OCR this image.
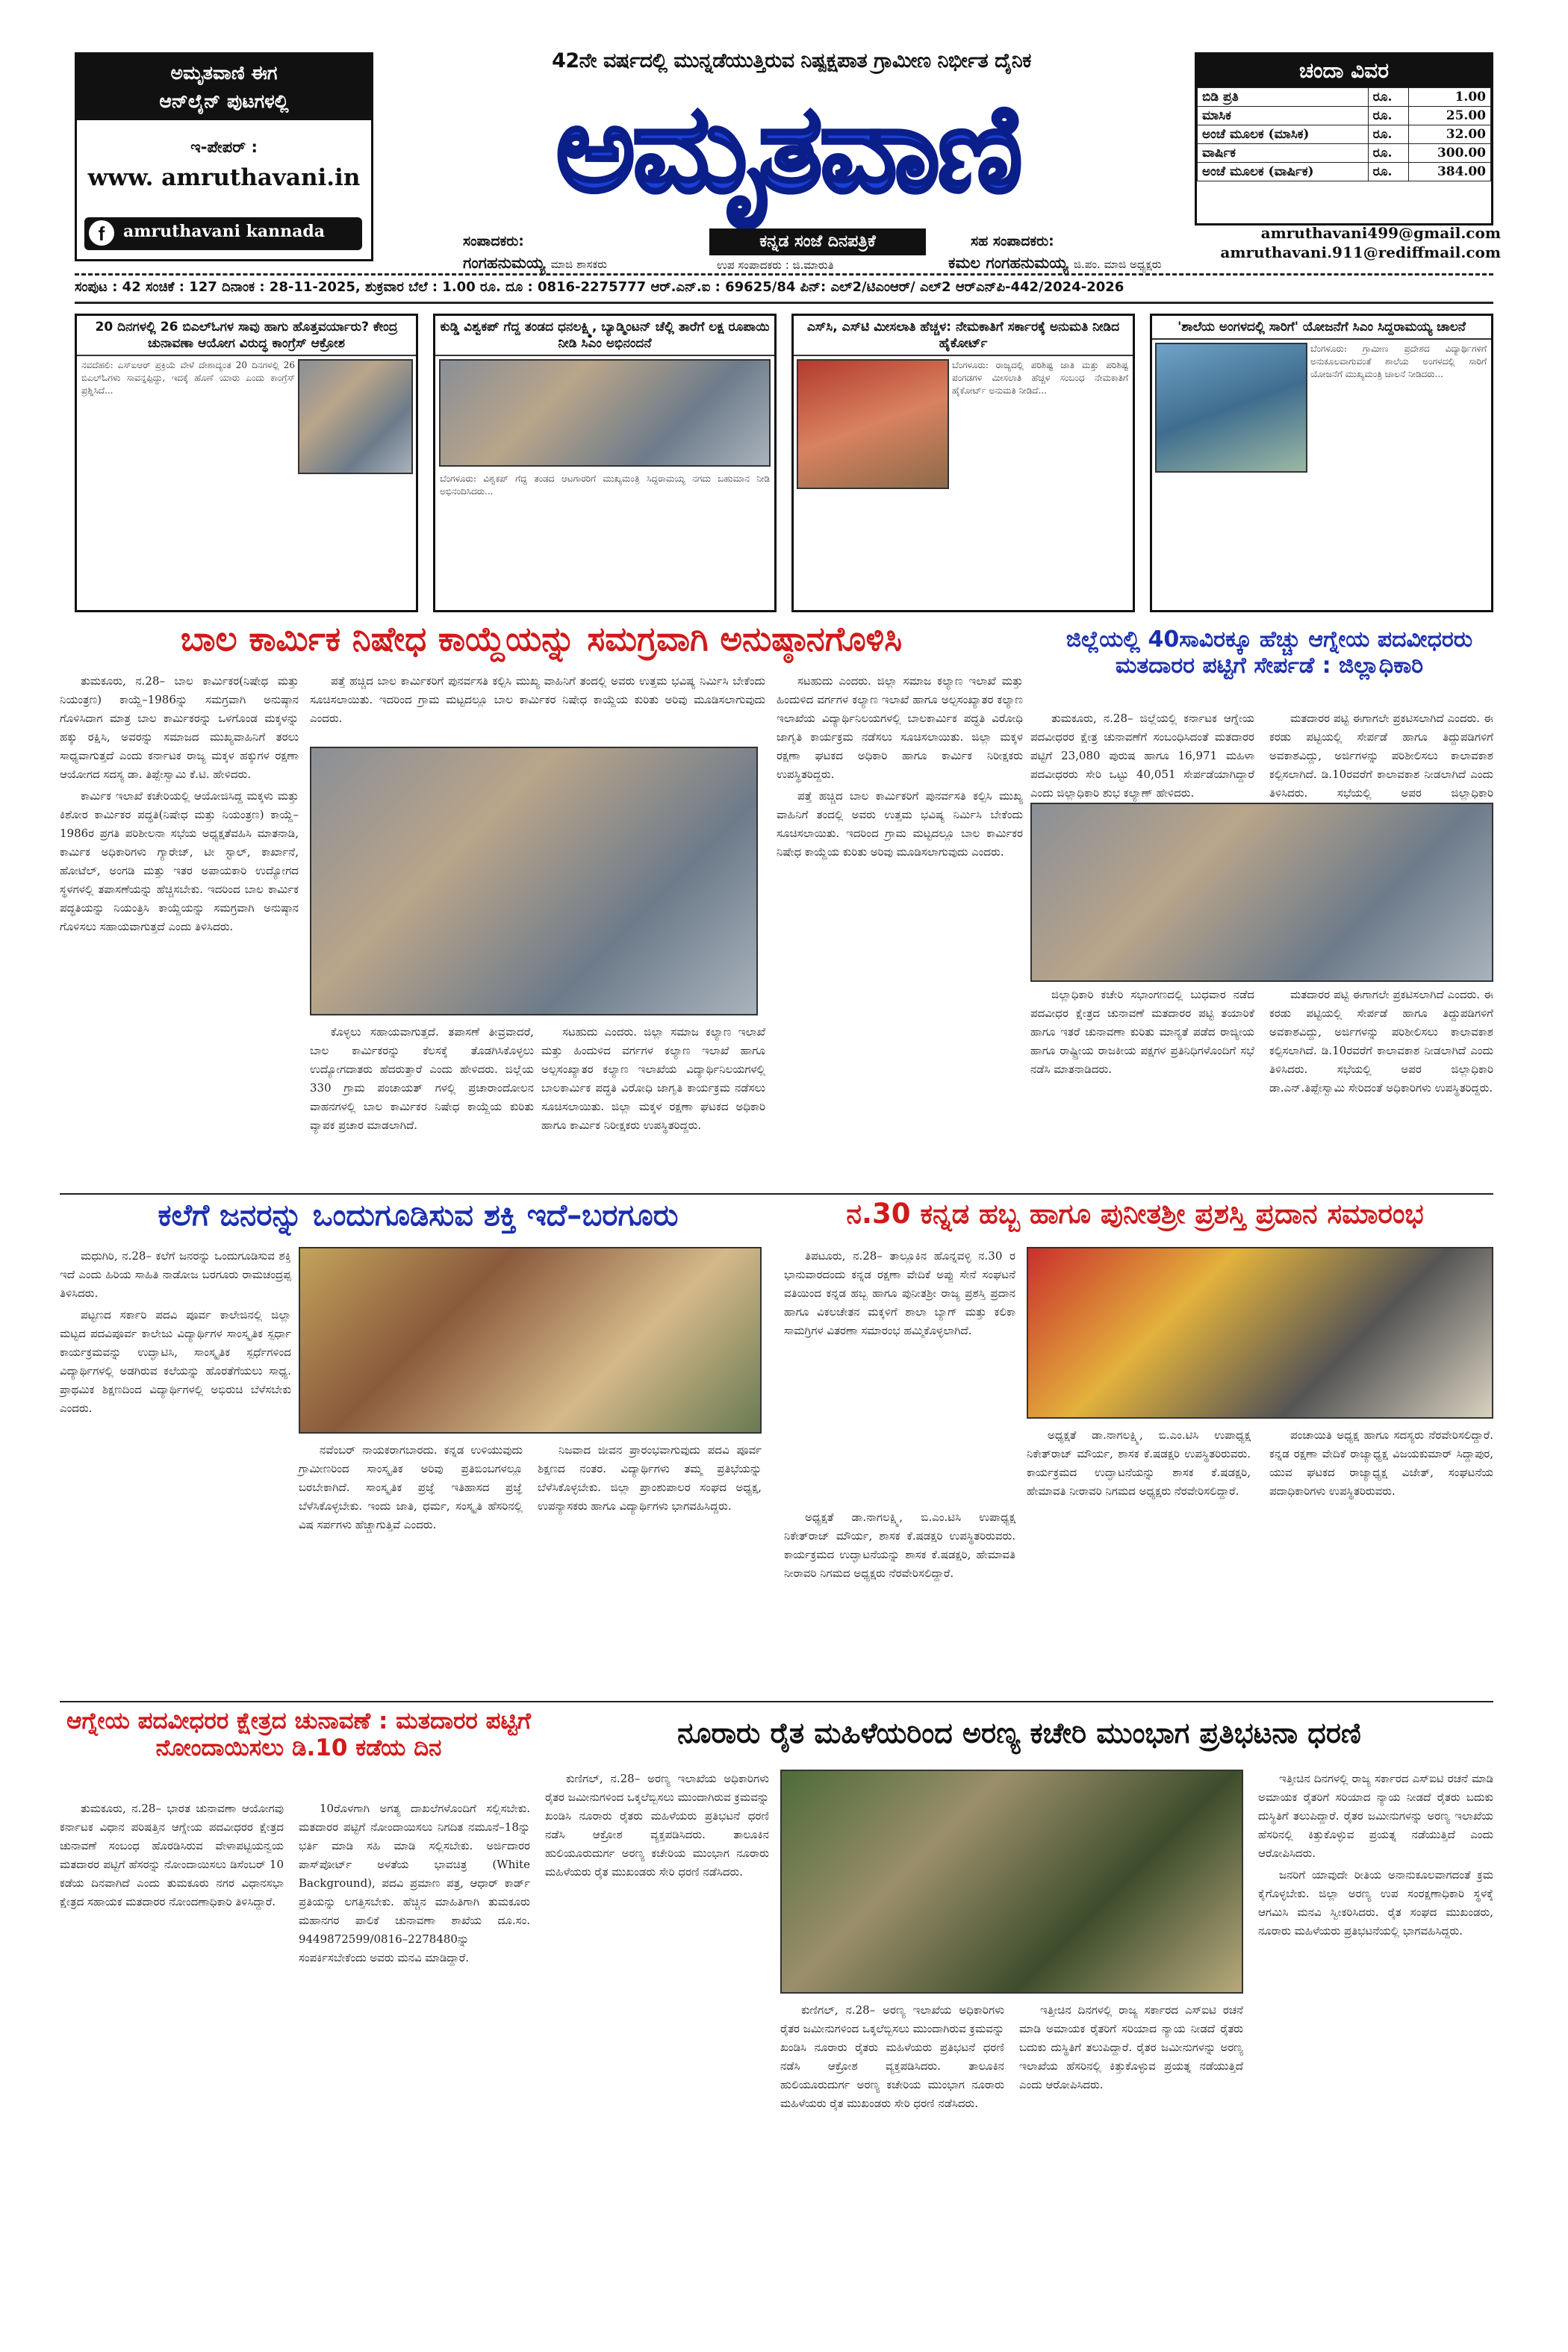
ಅಮೃತವಾಣಿ ಈಗ
ಆನ್‌ಲೈನ್ ಪುಟಗಳಲ್ಲಿ
ಇ-ಪೇಪರ್ :
www. amruthavani.in
f	amruthavani kannada
42ನೇ ವರ್ಷದಲ್ಲಿ ಮುನ್ನಡೆಯುತ್ತಿರುವ ನಿಷ್ಪಕ್ಷಪಾತ ಗ್ರಾಮೀಣ ನಿರ್ಭೀತ ದೈನಿಕ
ಅಮೃತವಾಣಿ
ಸಂಪಾದಕರು:
ಗಂಗಹನುಮಯ್ಯ ಮಾಜಿ ಶಾಸಕರು
ಕನ್ನಡ ಸಂಜೆ ದಿನಪತ್ರಿಕೆ
ಉಪ ಸಂಪಾದಕರು : ಜಿ.ಮಾರುತಿ
ಸಹ ಸಂಪಾದಕರು:
ಕಮಲ ಗಂಗಹನುಮಯ್ಯ ಜಿ.ಪಂ. ಮಾಜಿ ಅಧ್ಯಕ್ಷರು
ಚಂದಾ ವಿವರ
ಬಿಡಿ ಪ್ರತಿ	ರೂ.	1.00
ಮಾಸಿಕ	ರೂ.	25.00
ಅಂಚೆ ಮೂಲಕ (ಮಾಸಿಕ)	ರೂ.	32.00
ವಾರ್ಷಿಕ	ರೂ.	300.00
ಅಂಚೆ ಮೂಲಕ (ವಾರ್ಷಿಕ)	ರೂ.	384.00
amruthavani499@gmail.com
amruthavani.911@rediffmail.com
ಸಂಪುಟ : 42 ಸಂಚಿಕೆ : 127 ದಿನಾಂಕ : 28-11-2025, ಶುಕ್ರವಾರ ಬೆಲೆ : 1.00 ರೂ. ದೂ : 0816-2275777 ಆರ್.ಎನ್.ಐ : 69625/84 ಪಿನ್: ಎಲ್2/ಟಿಎಂಆರ್/ ಎಲ್2 ಆರ್‌ಎನ್‌ಪಿ-442/2024-2026
20 ದಿನಗಳಲ್ಲಿ 26 ಬಿಎಲ್‌ಓಗಳ ಸಾವು ಹಾಗು ಹೊತ್ತವರ್ಯಾರು? ಕೇಂದ್ರ ಚುನಾವಣಾ ಆಯೋಗ ವಿರುದ್ಧ ಕಾಂಗ್ರೆಸ್ ಆಕ್ರೋಶ
ನವದೆಹಲಿ: ಎಸ್‌ಐಆರ್ ಪ್ರಕ್ರಿಯೆ ವೇಳೆ ದೇಶಾದ್ಯಂತ 20 ದಿನಗಳಲ್ಲಿ 26 ಬಿಎಲ್‌ಓಗಳು ಸಾವನ್ನಪ್ಪಿದ್ದು, ಇದಕ್ಕೆ ಹೊಣೆ ಯಾರು ಎಂದು ಕಾಂಗ್ರೆಸ್ ಪ್ರಶ್ನಿಸಿದೆ...
ಕುಡ್ಡಿ ವಿಶ್ವಕಪ್ ಗೆದ್ದ ತಂಡದ ಧನಲಕ್ಷ್ಮಿ, ಬ್ಯಾಡ್ಮಿಂಟನ್ ಚೆಲ್ಲಿ ತಾರೆಗೆ ಲಕ್ಷ ರೂಪಾಯಿ ನೀಡಿ ಸಿಎಂ ಅಭಿನಂದನೆ
ಬೆಂಗಳೂರು: ವಿಶ್ವಕಪ್ ಗೆದ್ದ ತಂಡದ ಆಟಗಾರರಿಗೆ ಮುಖ್ಯಮಂತ್ರಿ ಸಿದ್ದರಾಮಯ್ಯ ನಗದು ಬಹುಮಾನ ನೀಡಿ ಅಭಿನಂದಿಸಿದರು...
ಎಸ್‌ಸಿ, ಎಸ್‌ಟಿ ಮೀಸಲಾತಿ ಹೆಚ್ಚಳ: ನೇಮಕಾತಿಗೆ ಸರ್ಕಾರಕ್ಕೆ ಅನುಮತಿ ನೀಡಿದ ಹೈಕೋರ್ಟ್
ಬೆಂಗಳೂರು: ರಾಜ್ಯದಲ್ಲಿ ಪರಿಶಿಷ್ಟ ಜಾತಿ ಮತ್ತು ಪರಿಶಿಷ್ಟ ಪಂಗಡಗಳ ಮೀಸಲಾತಿ ಹೆಚ್ಚಳ ಸಂಬಂಧ ನೇಮಕಾತಿಗೆ ಹೈಕೋರ್ಟ್ ಅನುಮತಿ ನೀಡಿದೆ...
'ಶಾಲೆಯ ಅಂಗಳದಲ್ಲಿ ಸಾರಿಗೆ' ಯೋಜನೆಗೆ ಸಿಎಂ ಸಿದ್ದರಾಮಯ್ಯ ಚಾಲನೆ
ಬೆಂಗಳೂರು: ಗ್ರಾಮೀಣ ಪ್ರದೇಶದ ವಿದ್ಯಾರ್ಥಿಗಳಿಗೆ ಅನುಕೂಲವಾಗುವಂತೆ ಶಾಲೆಯ ಅಂಗಳದಲ್ಲಿ ಸಾರಿಗೆ ಯೋಜನೆಗೆ ಮುಖ್ಯಮಂತ್ರಿ ಚಾಲನೆ ನೀಡಿದರು...
ಬಾಲ ಕಾರ್ಮಿಕ ನಿಷೇಧ ಕಾಯ್ದೆಯನ್ನು ಸಮಗ್ರವಾಗಿ ಅನುಷ್ಠಾನಗೊಳಿಸಿ

ತುಮಕೂರು, ನ.28– ಬಾಲ ಕಾರ್ಮಿಕರ(ನಿಷೇಧ ಮತ್ತು ನಿಯಂತ್ರಣ) ಕಾಯ್ದೆ–1986ನ್ನು ಸಮಗ್ರವಾಗಿ ಅನುಷ್ಠಾನ ಗೊಳಿಸಿದಾಗ ಮಾತ್ರ ಬಾಲ ಕಾರ್ಮಿಕರನ್ನು ಒಳಗೊಂಡ ಮಕ್ಕಳನ್ನು ಹಕ್ಕು ರಕ್ಷಿಸಿ, ಅವರನ್ನು ಸಮಾಜದ ಮುಖ್ಯವಾಹಿನಿಗೆ ತರಲು ಸಾಧ್ಯವಾಗುತ್ತದೆ ಎಂದು ಕರ್ನಾಟಕ ರಾಜ್ಯ ಮಕ್ಕಳ ಹಕ್ಕುಗಳ ರಕ್ಷಣಾ ಆಯೋಗದ ಸದಸ್ಯ ಡಾ. ತಿಪ್ಪೇಸ್ವಾಮಿ ಕೆ.ಟಿ. ಹೇಳಿದರು.

ಕಾರ್ಮಿಕ ಇಲಾಖೆ ಕಚೇರಿಯಲ್ಲಿ ಆಯೋಜಿಸಿದ್ದ ಮಕ್ಕಳು ಮತ್ತು ಕಿಶೋರ ಕಾರ್ಮಿಕರ ಪದ್ಧತಿ(ನಿಷೇಧ ಮತ್ತು ನಿಯಂತ್ರಣ) ಕಾಯ್ದೆ–1986ರ ಪ್ರಗತಿ ಪರಿಶೀಲನಾ ಸಭೆಯ ಅಧ್ಯಕ್ಷತೆವಹಿಸಿ ಮಾತನಾಡಿ, ಕಾರ್ಮಿಕ ಅಧಿಕಾರಿಗಳು ಗ್ಯಾರೇಜ್, ಟೀ ಸ್ಟಾಲ್, ಕಾರ್ಖಾನೆ, ಹೋಟೆಲ್, ಅಂಗಡಿ ಮತ್ತು ಇತರ ಅಪಾಯಕಾರಿ ಉದ್ಯೋಗದ ಸ್ಥಳಗಳಲ್ಲಿ ತಪಾಸಣೆಯನ್ನು ಹೆಚ್ಚಿಸಬೇಕು. ಇದರಿಂದ ಬಾಲ ಕಾರ್ಮಿಕ ಪದ್ಧತಿಯನ್ನು ನಿಯಂತ್ರಿಸಿ ಕಾಯ್ದೆಯನ್ನು ಸಮಗ್ರವಾಗಿ ಅನುಷ್ಠಾನ ಗೊಳಿಸಲು ಸಹಾಯವಾಗುತ್ತದೆ ಎಂದು ತಿಳಿಸಿದರು.

ಪತ್ತೆ ಹಚ್ಚಿದ ಬಾಲ ಕಾರ್ಮಿಕರಿಗೆ ಪುನರ್ವಸತಿ ಕಲ್ಪಿಸಿ ಮುಖ್ಯ ವಾಹಿನಿಗೆ ತಂದಲ್ಲಿ ಅವರು ಉತ್ತಮ ಭವಿಷ್ಯ ನಿರ್ಮಿಸಿ ಬೇಕೆಂದು ಸೂಚಿಸಲಾಯಿತು. ಇದರಿಂದ ಗ್ರಾಮ ಮಟ್ಟದಲ್ಲೂ ಬಾಲ ಕಾರ್ಮಿಕರ ನಿಷೇಧ ಕಾಯ್ದೆಯ ಕುರಿತು ಅರಿವು ಮೂಡಿಸಲಾಗುವುದು ಎಂದರು.

ಕೊಳ್ಳಲು ಸಹಾಯವಾಗುತ್ತದೆ. ತಪಾಸಣೆ ತೀವ್ರವಾದರೆ, ಬಾಲ ಕಾರ್ಮಿಕರನ್ನು ಕೆಲಸಕ್ಕೆ ತೊಡಗಿಸಿಕೊಳ್ಳಲು ಉದ್ಯೋಗದಾತರು ಹೆದರುತ್ತಾರೆ ಎಂದು ಹೇಳಿದರು. ಜಿಲ್ಲೆಯ 330 ಗ್ರಾಮ ಪಂಚಾಯತ್ ಗಳಲ್ಲಿ ಪ್ರಚಾರಾಂದೋಲನ ವಾಹನಗಳಲ್ಲಿ ಬಾಲ ಕಾರ್ಮಿಕರ ನಿಷೇಧ ಕಾಯ್ದೆಯ ಕುರಿತು ವ್ಯಾಪಕ ಪ್ರಚಾರ ಮಾಡಲಾಗಿದೆ.

ಸಟಹುದು ಎಂದರು. ಜಿಲ್ಲಾ ಸಮಾಜ ಕಲ್ಯಾಣ ಇಲಾಖೆ ಮತ್ತು ಹಿಂದುಳಿದ ವರ್ಗಗಳ ಕಲ್ಯಾಣ ಇಲಾಖೆ ಹಾಗೂ ಅಲ್ಪಸಂಖ್ಯಾತರ ಕಲ್ಯಾಣ ಇಲಾಖೆಯ ವಿದ್ಯಾರ್ಥಿನಿಲಯಗಳಲ್ಲಿ ಬಾಲಕಾರ್ಮಿಕ ಪದ್ಧತಿ ವಿರೋಧಿ ಜಾಗೃತಿ ಕಾರ್ಯಕ್ರಮ ನಡೆಸಲು ಸೂಚಿಸಲಾಯಿತು. ಜಿಲ್ಲಾ ಮಕ್ಕಳ ರಕ್ಷಣಾ ಘಟಕದ ಅಧಿಕಾರಿ ಹಾಗೂ ಕಾರ್ಮಿಕ ನಿರೀಕ್ಷಕರು ಉಪಸ್ಥಿತರಿದ್ದರು.

ಸಟಹುದು ಎಂದರು. ಜಿಲ್ಲಾ ಸಮಾಜ ಕಲ್ಯಾಣ ಇಲಾಖೆ ಮತ್ತು ಹಿಂದುಳಿದ ವರ್ಗಗಳ ಕಲ್ಯಾಣ ಇಲಾಖೆ ಹಾಗೂ ಅಲ್ಪಸಂಖ್ಯಾತರ ಕಲ್ಯಾಣ ಇಲಾಖೆಯ ವಿದ್ಯಾರ್ಥಿನಿಲಯಗಳಲ್ಲಿ ಬಾಲಕಾರ್ಮಿಕ ಪದ್ಧತಿ ವಿರೋಧಿ ಜಾಗೃತಿ ಕಾರ್ಯಕ್ರಮ ನಡೆಸಲು ಸೂಚಿಸಲಾಯಿತು. ಜಿಲ್ಲಾ ಮಕ್ಕಳ ರಕ್ಷಣಾ ಘಟಕದ ಅಧಿಕಾರಿ ಹಾಗೂ ಕಾರ್ಮಿಕ ನಿರೀಕ್ಷಕರು ಉಪಸ್ಥಿತರಿದ್ದರು.

ಪತ್ತೆ ಹಚ್ಚಿದ ಬಾಲ ಕಾರ್ಮಿಕರಿಗೆ ಪುನರ್ವಸತಿ ಕಲ್ಪಿಸಿ ಮುಖ್ಯ ವಾಹಿನಿಗೆ ತಂದಲ್ಲಿ ಅವರು ಉತ್ತಮ ಭವಿಷ್ಯ ನಿರ್ಮಿಸಿ ಬೇಕೆಂದು ಸೂಚಿಸಲಾಯಿತು. ಇದರಿಂದ ಗ್ರಾಮ ಮಟ್ಟದಲ್ಲೂ ಬಾಲ ಕಾರ್ಮಿಕರ ನಿಷೇಧ ಕಾಯ್ದೆಯ ಕುರಿತು ಅರಿವು ಮೂಡಿಸಲಾಗುವುದು ಎಂದರು.

ಜಿಲ್ಲೆಯಲ್ಲಿ 40ಸಾವಿರಕ್ಕೂ ಹೆಚ್ಚು ಆಗ್ನೇಯ ಪದವೀಧರರು ಮತದಾರರ ಪಟ್ಟಿಗೆ ಸೇರ್ಪಡೆ : ಜಿಲ್ಲಾಧಿಕಾರಿ

ತುಮಕೂರು, ನ.28– ಜಿಲ್ಲೆಯಲ್ಲಿ ಕರ್ನಾಟಕ ಆಗ್ನೇಯ ಪದವೀಧರರ ಕ್ಷೇತ್ರ ಚುನಾವಣೆಗೆ ಸಂಬಂಧಿಸಿದಂತೆ ಮತದಾರರ ಪಟ್ಟಿಗೆ 23,080 ಪುರುಷ ಹಾಗೂ 16,971 ಮಹಿಳಾ ಪದವೀಧರರು ಸೇರಿ ಒಟ್ಟು 40,051 ಸೇರ್ಪಡೆಯಾಗಿದ್ದಾರೆ ಎಂದು ಜಿಲ್ಲಾಧಿಕಾರಿ ಶುಭ ಕಲ್ಯಾಣ್ ಹೇಳಿದರು.

ಮತದಾರರ ಪಟ್ಟಿ ಈಗಾಗಲೇ ಪ್ರಕಟಿಸಲಾಗಿದೆ ಎಂದರು. ಈ ಕರಡು ಪಟ್ಟಿಯಲ್ಲಿ ಸೇರ್ಪಡೆ ಹಾಗೂ ತಿದ್ದುಪಡಿಗಳಿಗೆ ಅವಕಾಶವಿದ್ದು, ಅರ್ಜಿಗಳನ್ನು ಪರಿಶೀಲಿಸಲು ಕಾಲಾವಕಾಶ ಕಲ್ಪಿಸಲಾಗಿದೆ. ಡಿ.10ರವರೆಗೆ ಕಾಲಾವಕಾಶ ನೀಡಲಾಗಿದೆ ಎಂದು ತಿಳಿಸಿದರು. ಸಭೆಯಲ್ಲಿ ಅಪರ ಜಿಲ್ಲಾಧಿಕಾರಿ

ಜಿಲ್ಲಾಧಿಕಾರಿ ಕಚೇರಿ ಸಭಾಂಗಣದಲ್ಲಿ ಬುಧವಾರ ನಡೆದ ಪದವೀಧರ ಕ್ಷೇತ್ರದ ಚುನಾವಣೆ ಮತದಾರರ ಪಟ್ಟಿ ತಯಾರಿಕೆ ಹಾಗೂ ಇತರೆ ಚುನಾವಣಾ ಕುರಿತು ಮಾನ್ಯತೆ ಪಡೆದ ರಾಜ್ಯೀಯ ಹಾಗೂ ರಾಷ್ಟ್ರೀಯ ರಾಜಕೀಯ ಪಕ್ಷಗಳ ಪ್ರತಿನಿಧಿಗಳೊಂದಿಗೆ ಸಭೆ ನಡೆಸಿ ಮಾತನಾಡಿದರು.

ಮತದಾರರ ಪಟ್ಟಿ ಈಗಾಗಲೇ ಪ್ರಕಟಿಸಲಾಗಿದೆ ಎಂದರು. ಈ ಕರಡು ಪಟ್ಟಿಯಲ್ಲಿ ಸೇರ್ಪಡೆ ಹಾಗೂ ತಿದ್ದುಪಡಿಗಳಿಗೆ ಅವಕಾಶವಿದ್ದು, ಅರ್ಜಿಗಳನ್ನು ಪರಿಶೀಲಿಸಲು ಕಾಲಾವಕಾಶ ಕಲ್ಪಿಸಲಾಗಿದೆ. ಡಿ.10ರವರೆಗೆ ಕಾಲಾವಕಾಶ ನೀಡಲಾಗಿದೆ ಎಂದು ತಿಳಿಸಿದರು. ಸಭೆಯಲ್ಲಿ ಅಪರ ಜಿಲ್ಲಾಧಿಕಾರಿ ಡಾ.ಎನ್.ತಿಪ್ಪೇಸ್ವಾಮಿ ಸೇರಿದಂತೆ ಅಧಿಕಾರಿಗಳು ಉಪಸ್ಥಿತರಿದ್ದರು.

ಕಲೆಗೆ ಜನರನ್ನು ಒಂದುಗೂಡಿಸುವ ಶಕ್ತಿ ಇದೆ–ಬರಗೂರು

ಮಧುಗಿರಿ, ನ.28– ಕಲೆಗೆ ಜನರನ್ನು ಒಂದುಗೂಡಿಸುವ ಶಕ್ತಿ ಇದೆ ಎಂದು ಹಿರಿಯ ಸಾಹಿತಿ ನಾಡೋಜ ಬರಗೂರು ರಾಮಚಂದ್ರಪ್ಪ ತಿಳಿಸಿದರು.

ಪಟ್ಟಣದ ಸರ್ಕಾರಿ ಪದವಿ ಪೂರ್ವ ಕಾಲೇಜಿನಲ್ಲಿ ಜಿಲ್ಲಾ ಮಟ್ಟದ ಪದವಿಪೂರ್ವ ಕಾಲೇಜು ವಿದ್ಯಾರ್ಥಿಗಳ ಸಾಂಸ್ಕೃತಿಕ ಸ್ಪರ್ಧಾ ಕಾರ್ಯಕ್ರಮವನ್ನು ಉದ್ಘಾಟಿಸಿ, ಸಾಂಸ್ಕೃತಿಕ ಸ್ಪರ್ಧೆಗಳಿಂದ ವಿದ್ಯಾರ್ಥಿಗಳಲ್ಲಿ ಅಡಗಿರುವ ಕಲೆಯನ್ನು ಹೊರತೆಗೆಯಲು ಸಾಧ್ಯ. ಪ್ರಾಥಮಿಕ ಶಿಕ್ಷಣದಿಂದ ವಿದ್ಯಾರ್ಥಿಗಳಲ್ಲಿ ಅಭಿರುಚಿ ಬೆಳೆಸಬೇಕು ಎಂದರು.

ನವೆಂಬರ್ ನಾಯಕರಾಗಬಾರದು. ಕನ್ನಡ ಉಳಿಯುವುದು ಗ್ರಾಮೀಣರಿಂದ ಸಾಂಸ್ಕೃತಿಕ ಅರಿವು ಪ್ರತಿಬಿಂಬಗಳಲ್ಲೂ ಬರಬೇಕಾಗಿದೆ. ಸಾಂಸ್ಕೃತಿಕ ಪ್ರಜ್ಞೆ ಇತಿಹಾಸದ ಪ್ರಜ್ಞೆ ಬೆಳೆಸಿಕೊಳ್ಳಬೇಕು. ಇಂದು ಜಾತಿ, ಧರ್ಮ, ಸಂಸ್ಕೃತಿ ಹೆಸರಿನಲ್ಲಿ ವಿಷ ಸರ್ಪಗಳು ಹೆಚ್ಚಾಗುತ್ತಿವೆ ಎಂದರು.

ನಿಜವಾದ ಜೀವನ ಪ್ರಾರಂಭವಾಗುವುದು ಪದವಿ ಪೂರ್ವ ಶಿಕ್ಷಣದ ನಂತರ. ವಿದ್ಯಾರ್ಥಿಗಳು ತಮ್ಮ ಪ್ರತಿಭೆಯನ್ನು ಬೆಳೆಸಿಕೊಳ್ಳಬೇಕು. ಜಿಲ್ಲಾ ಪ್ರಾಂಶುಪಾಲರ ಸಂಘದ ಅಧ್ಯಕ್ಷ, ಉಪನ್ಯಾಸಕರು ಹಾಗೂ ವಿದ್ಯಾರ್ಥಿಗಳು ಭಾಗವಹಿಸಿದ್ದರು.

ನ.30 ಕನ್ನಡ ಹಬ್ಬ ಹಾಗೂ ಪುನೀತಶ್ರೀ ಪ್ರಶಸ್ತಿ ಪ್ರದಾನ ಸಮಾರಂಭ

ತಿಪಟೂರು, ನ.28– ತಾಲ್ಲೂಕಿನ ಹೊನ್ನವಳ್ಳಿ ನ.30 ರ ಭಾನುವಾರದಂದು ಕನ್ನಡ ರಕ್ಷಣಾ ವೇದಿಕೆ ಅಪ್ಪು ಸೇನೆ ಸಂಘಟನೆ ವತಿಯಿಂದ ಕನ್ನಡ ಹಬ್ಬ ಹಾಗೂ ಪುನೀತಶ್ರೀ ರಾಜ್ಯ ಪ್ರಶಸ್ತಿ ಪ್ರದಾನ ಹಾಗೂ ವಿಕಲಚೇತನ ಮಕ್ಕಳಿಗೆ ಶಾಲಾ ಬ್ಯಾಗ್ ಮತ್ತು ಕಲಿಕಾ ಸಾಮಗ್ರಿಗಳ ವಿತರಣಾ ಸಮಾರಂಭ ಹಮ್ಮಿಕೊಳ್ಳಲಾಗಿದೆ.

ಅಧ್ಯಕ್ಷತೆ ಡಾ.ನಾಗಲಕ್ಷ್ಮಿ, ಬಿ.ಎಂ.ಟಿಸಿ ಉಪಾಧ್ಯಕ್ಷ ನಿಕೇತ್‌ರಾಜ್ ಮೌರ್ಯ, ಶಾಸಕ ಕೆ.ಷಡಕ್ಷರಿ ಉಪಸ್ಥಿತರಿರುವರು. ಕಾರ್ಯಕ್ರಮದ ಉದ್ಘಾಟನೆಯನ್ನು ಶಾಸಕ ಕೆ.ಷಡಕ್ಷರಿ, ಹೇಮಾವತಿ ನೀರಾವರಿ ನಿಗಮದ ಅಧ್ಯಕ್ಷರು ನೆರವೇರಿಸಲಿದ್ದಾರೆ.

ಅಧ್ಯಕ್ಷತೆ ಡಾ.ನಾಗಲಕ್ಷ್ಮಿ, ಬಿ.ಎಂ.ಟಿಸಿ ಉಪಾಧ್ಯಕ್ಷ ನಿಕೇತ್‌ರಾಜ್ ಮೌರ್ಯ, ಶಾಸಕ ಕೆ.ಷಡಕ್ಷರಿ ಉಪಸ್ಥಿತರಿರುವರು. ಕಾರ್ಯಕ್ರಮದ ಉದ್ಘಾಟನೆಯನ್ನು ಶಾಸಕ ಕೆ.ಷಡಕ್ಷರಿ, ಹೇಮಾವತಿ ನೀರಾವರಿ ನಿಗಮದ ಅಧ್ಯಕ್ಷರು ನೆರವೇರಿಸಲಿದ್ದಾರೆ.

ಪಂಚಾಯಿತಿ ಅಧ್ಯಕ್ಷ ಹಾಗೂ ಸದಸ್ಯರು ನೆರವೇರಿಸಲಿದ್ದಾರೆ. ಕನ್ನಡ ರಕ್ಷಣಾ ವೇದಿಕೆ ರಾಜ್ಯಾಧ್ಯಕ್ಷ ವಿಜಯಕುಮಾರ್ ಸಿದ್ದಾಪುರ, ಯುವ ಘಟಕದ ರಾಜ್ಯಾಧ್ಯಕ್ಷ ವಿಜೇತ್, ಸಂಘಟನೆಯ ಪದಾಧಿಕಾರಿಗಳು ಉಪಸ್ಥಿತರಿರುವರು.

ಆಗ್ನೇಯ ಪದವೀಧರರ ಕ್ಷೇತ್ರದ ಚುನಾವಣೆ : ಮತದಾರರ ಪಟ್ಟಿಗೆ ನೋಂದಾಯಿಸಲು ಡಿ.10 ಕಡೆಯ ದಿನ

ತುಮಕೂರು, ನ.28– ಭಾರತ ಚುನಾವಣಾ ಆಯೋಗವು ಕರ್ನಾಟಕ ವಿಧಾನ ಪರಿಷತ್ತಿನ ಆಗ್ನೇಯ ಪದವೀಧರರ ಕ್ಷೇತ್ರದ ಚುನಾವಣೆ ಸಂಬಂಧ ಹೊರಡಿಸಿರುವ ವೇಳಾಪಟ್ಟಿಯನ್ವಯ ಮತದಾರರ ಪಟ್ಟಿಗೆ ಹೆಸರನ್ನು ನೋಂದಾಯಿಸಲು ಡಿಸೆಂಬರ್ 10 ಕಡೆಯ ದಿನವಾಗಿದೆ ಎಂದು ತುಮಕೂರು ನಗರ ವಿಧಾನಸಭಾ ಕ್ಷೇತ್ರದ ಸಹಾಯಕ ಮತದಾರರ ನೋಂದಣಾಧಿಕಾರಿ ತಿಳಿಸಿದ್ದಾರೆ.

10ರೊಳಗಾಗಿ ಅಗತ್ಯ ದಾಖಲೆಗಳೊಂದಿಗೆ ಸಲ್ಲಿಸಬೇಕು. ಮತದಾರರ ಪಟ್ಟಿಗೆ ನೋಂದಾಯಿಸಲು ನಿಗದಿತ ನಮೂನೆ–18ನ್ನು ಭರ್ತಿ ಮಾಡಿ ಸಹಿ ಮಾಡಿ ಸಲ್ಲಿಸಬೇಕು. ಅರ್ಜಿದಾರರ ಪಾಸ್‌ಪೋರ್ಟ್ ಅಳತೆಯ ಭಾವಚಿತ್ರ (White Background), ಪದವಿ ಪ್ರಮಾಣ ಪತ್ರ, ಆಧಾರ್ ಕಾರ್ಡ್ ಪ್ರತಿಯನ್ನು ಲಗತ್ತಿಸಬೇಕು. ಹೆಚ್ಚಿನ ಮಾಹಿತಿಗಾಗಿ ತುಮಕೂರು ಮಹಾನಗರ ಪಾಲಿಕೆ ಚುನಾವಣಾ ಶಾಖೆಯ ದೂ.ಸಂ. 9449872599/0816–2278480ನ್ನು ಸಂಪರ್ಕಿಸಬೇಕೆಂದು ಅವರು ಮನವಿ ಮಾಡಿದ್ದಾರೆ.

ನೂರಾರು ರೈತ ಮಹಿಳೆಯರಿಂದ ಅರಣ್ಯ ಕಚೇರಿ ಮುಂಭಾಗ ಪ್ರತಿಭಟನಾ ಧರಣಿ

ಕುಣಿಗಲ್, ನ.28– ಅರಣ್ಯ ಇಲಾಖೆಯ ಅಧಿಕಾರಿಗಳು ರೈತರ ಜಮೀನುಗಳಿಂದ ಒಕ್ಕಲೆಬ್ಬಿಸಲು ಮುಂದಾಗಿರುವ ಕ್ರಮವನ್ನು ಖಂಡಿಸಿ ನೂರಾರು ರೈತರು ಮಹಿಳೆಯರು ಪ್ರತಿಭಟನೆ ಧರಣಿ ನಡೆಸಿ ಆಕ್ರೋಶ ವ್ಯಕ್ತಪಡಿಸಿದರು. ತಾಲೂಕಿನ ಹುಲಿಯೂರುದುರ್ಗ ಅರಣ್ಯ ಕಚೇರಿಯ ಮುಂಭಾಗ ನೂರಾರು ಮಹಿಳೆಯರು ರೈತ ಮುಖಂಡರು ಸೇರಿ ಧರಣಿ ನಡೆಸಿದರು.

ಕುಣಿಗಲ್, ನ.28– ಅರಣ್ಯ ಇಲಾಖೆಯ ಅಧಿಕಾರಿಗಳು ರೈತರ ಜಮೀನುಗಳಿಂದ ಒಕ್ಕಲೆಬ್ಬಿಸಲು ಮುಂದಾಗಿರುವ ಕ್ರಮವನ್ನು ಖಂಡಿಸಿ ನೂರಾರು ರೈತರು ಮಹಿಳೆಯರು ಪ್ರತಿಭಟನೆ ಧರಣಿ ನಡೆಸಿ ಆಕ್ರೋಶ ವ್ಯಕ್ತಪಡಿಸಿದರು. ತಾಲೂಕಿನ ಹುಲಿಯೂರುದುರ್ಗ ಅರಣ್ಯ ಕಚೇರಿಯ ಮುಂಭಾಗ ನೂರಾರು ಮಹಿಳೆಯರು ರೈತ ಮುಖಂಡರು ಸೇರಿ ಧರಣಿ ನಡೆಸಿದರು.

ಇತ್ತೀಚಿನ ದಿನಗಳಲ್ಲಿ ರಾಜ್ಯ ಸರ್ಕಾರದ ಎಸ್‌ಐಟಿ ರಚನೆ ಮಾಡಿ ಅಮಾಯಕ ರೈತರಿಗೆ ಸರಿಯಾದ ನ್ಯಾಯ ನೀಡದೆ ರೈತರು ಬದುಕು ದುಸ್ಥಿತಿಗೆ ತಲುಪಿದ್ದಾರೆ. ರೈತರ ಜಮೀನುಗಳನ್ನು ಅರಣ್ಯ ಇಲಾಖೆಯ ಹೆಸರಿನಲ್ಲಿ ಕಿತ್ತುಕೊಳ್ಳುವ ಪ್ರಯತ್ನ ನಡೆಯುತ್ತಿದೆ ಎಂದು ಆರೋಪಿಸಿದರು.

ಇತ್ತೀಚಿನ ದಿನಗಳಲ್ಲಿ ರಾಜ್ಯ ಸರ್ಕಾರದ ಎಸ್‌ಐಟಿ ರಚನೆ ಮಾಡಿ ಅಮಾಯಕ ರೈತರಿಗೆ ಸರಿಯಾದ ನ್ಯಾಯ ನೀಡದೆ ರೈತರು ಬದುಕು ದುಸ್ಥಿತಿಗೆ ತಲುಪಿದ್ದಾರೆ. ರೈತರ ಜಮೀನುಗಳನ್ನು ಅರಣ್ಯ ಇಲಾಖೆಯ ಹೆಸರಿನಲ್ಲಿ ಕಿತ್ತುಕೊಳ್ಳುವ ಪ್ರಯತ್ನ ನಡೆಯುತ್ತಿದೆ ಎಂದು ಆರೋಪಿಸಿದರು.

ಜನರಿಗೆ ಯಾವುದೇ ರೀತಿಯ ಅನಾನುಕೂಲವಾಗದಂತೆ ಕ್ರಮ ಕೈಗೊಳ್ಳಬೇಕು. ಜಿಲ್ಲಾ ಅರಣ್ಯ ಉಪ ಸಂರಕ್ಷಣಾಧಿಕಾರಿ ಸ್ಥಳಕ್ಕೆ ಆಗಮಿಸಿ ಮನವಿ ಸ್ವೀಕರಿಸಿದರು. ರೈತ ಸಂಘದ ಮುಖಂಡರು, ನೂರಾರು ಮಹಿಳೆಯರು ಪ್ರತಿಭಟನೆಯಲ್ಲಿ ಭಾಗವಹಿಸಿದ್ದರು.
